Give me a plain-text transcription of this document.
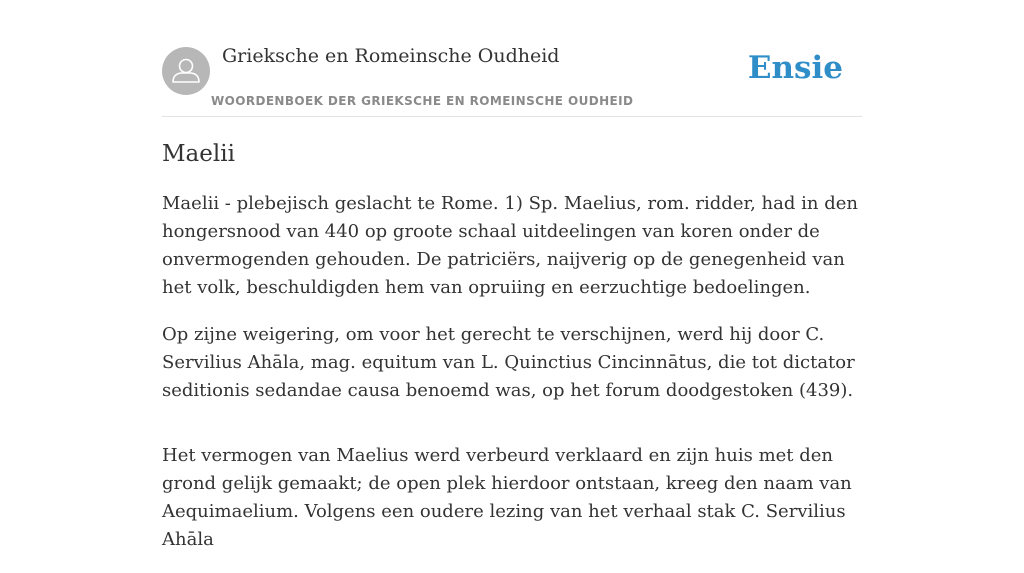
Grieksche en Romeinsche Oudheid
WOORDENBOEK DER GRIEKSCHE EN ROMEINSCHE OUDHEID
Ensie
Maelii

Maelii - plebejisch geslacht te Rome. 1) Sp. Maelius, rom. ridder, had in den hongersnood van 440 op groote schaal uitdeelingen van koren onder de onvermogenden gehouden. De patriciërs, naijverig op de genegenheid van het volk, beschuldigden hem van opruiing en eerzuchtige bedoelingen.

Op zijne weigering, om voor het gerecht te verschijnen, werd hij door C. Servilius Ahāla, mag. equitum van L. Quinctius Cincinnātus, die tot dictator seditionis sedandae causa benoemd was, op het forum doodgestoken (439).

Het vermogen van Maelius werd verbeurd verklaard en zijn huis met den grond gelijk gemaakt; de open plek hierdoor ontstaan, kreeg den naam van Aequimaelium. Volgens een oudere lezing van het verhaal stak C. Servilius Ahāla
